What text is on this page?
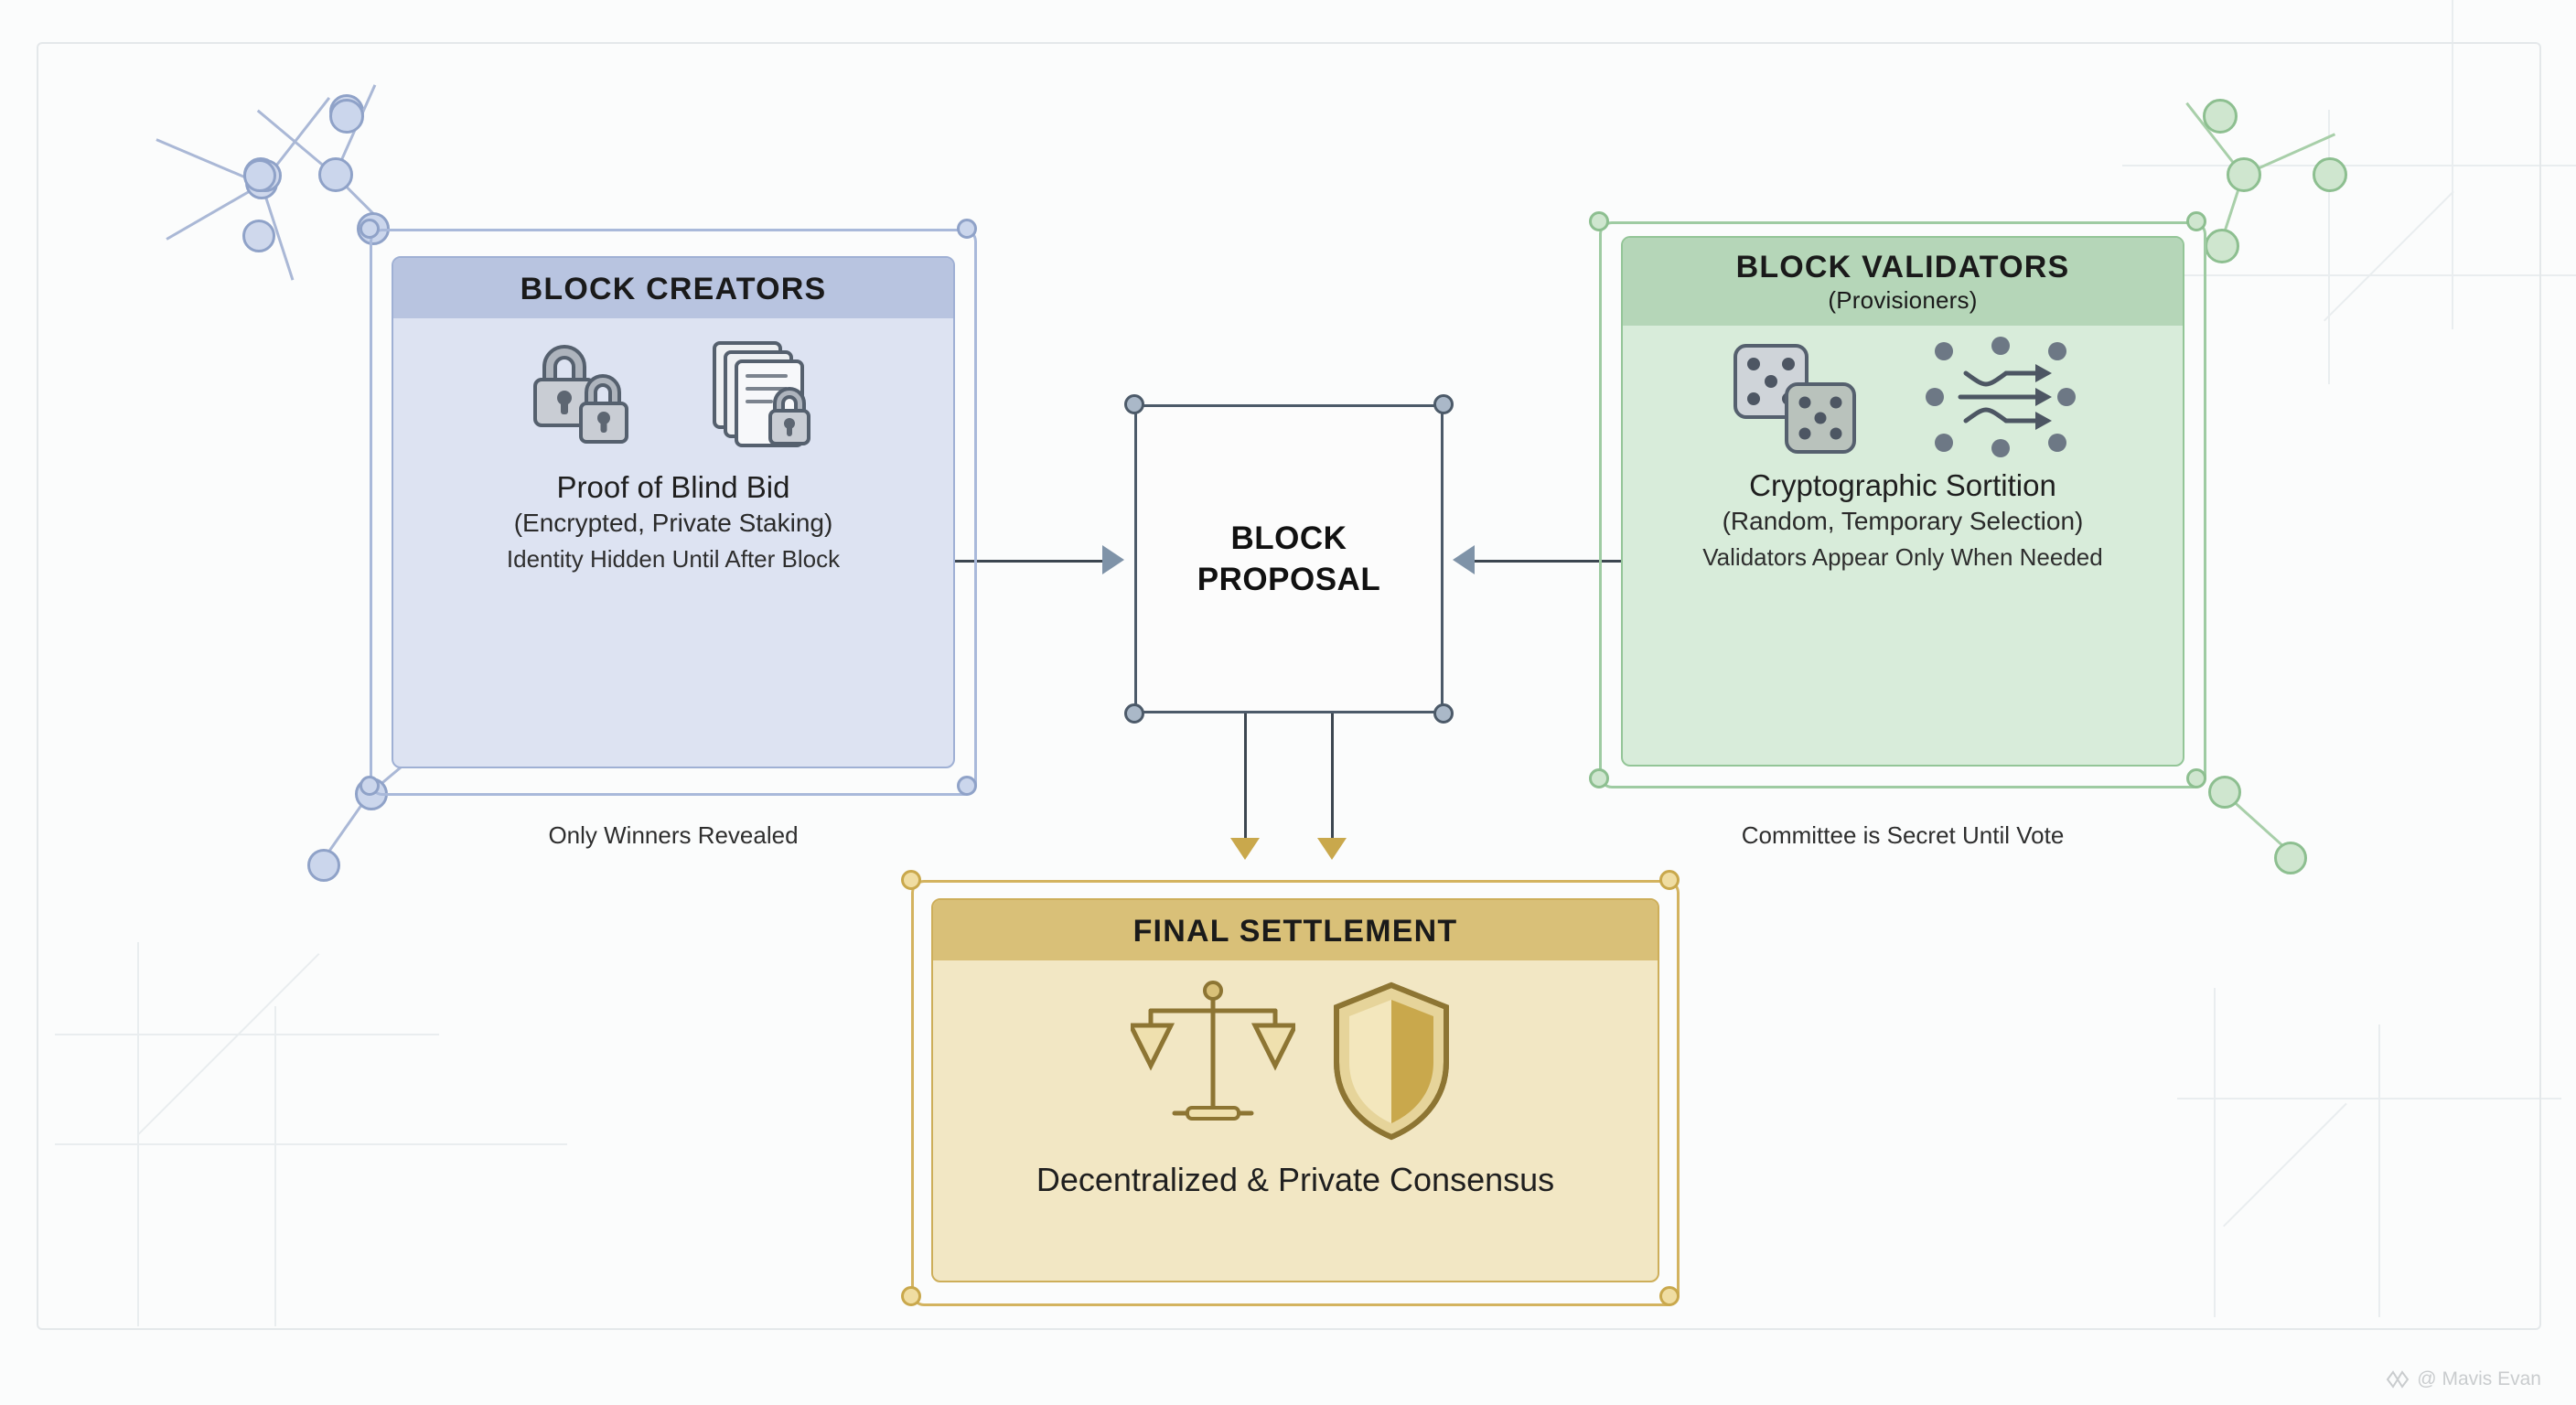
BLOCK CREATORS
Proof of Blind Bid
(Encrypted, Private Staking)
Identity Hidden Until After Block
Only Winners Revealed
BLOCK VALIDATORS
(Provisioners)
Cryptographic Sortition
(Random, Temporary Selection)
Validators Appear Only When Needed
Committee is Secret Until Vote
BLOCK
PROPOSAL
FINAL SETTLEMENT
Decentralized & Private Consensus
@ Mavis Evan
